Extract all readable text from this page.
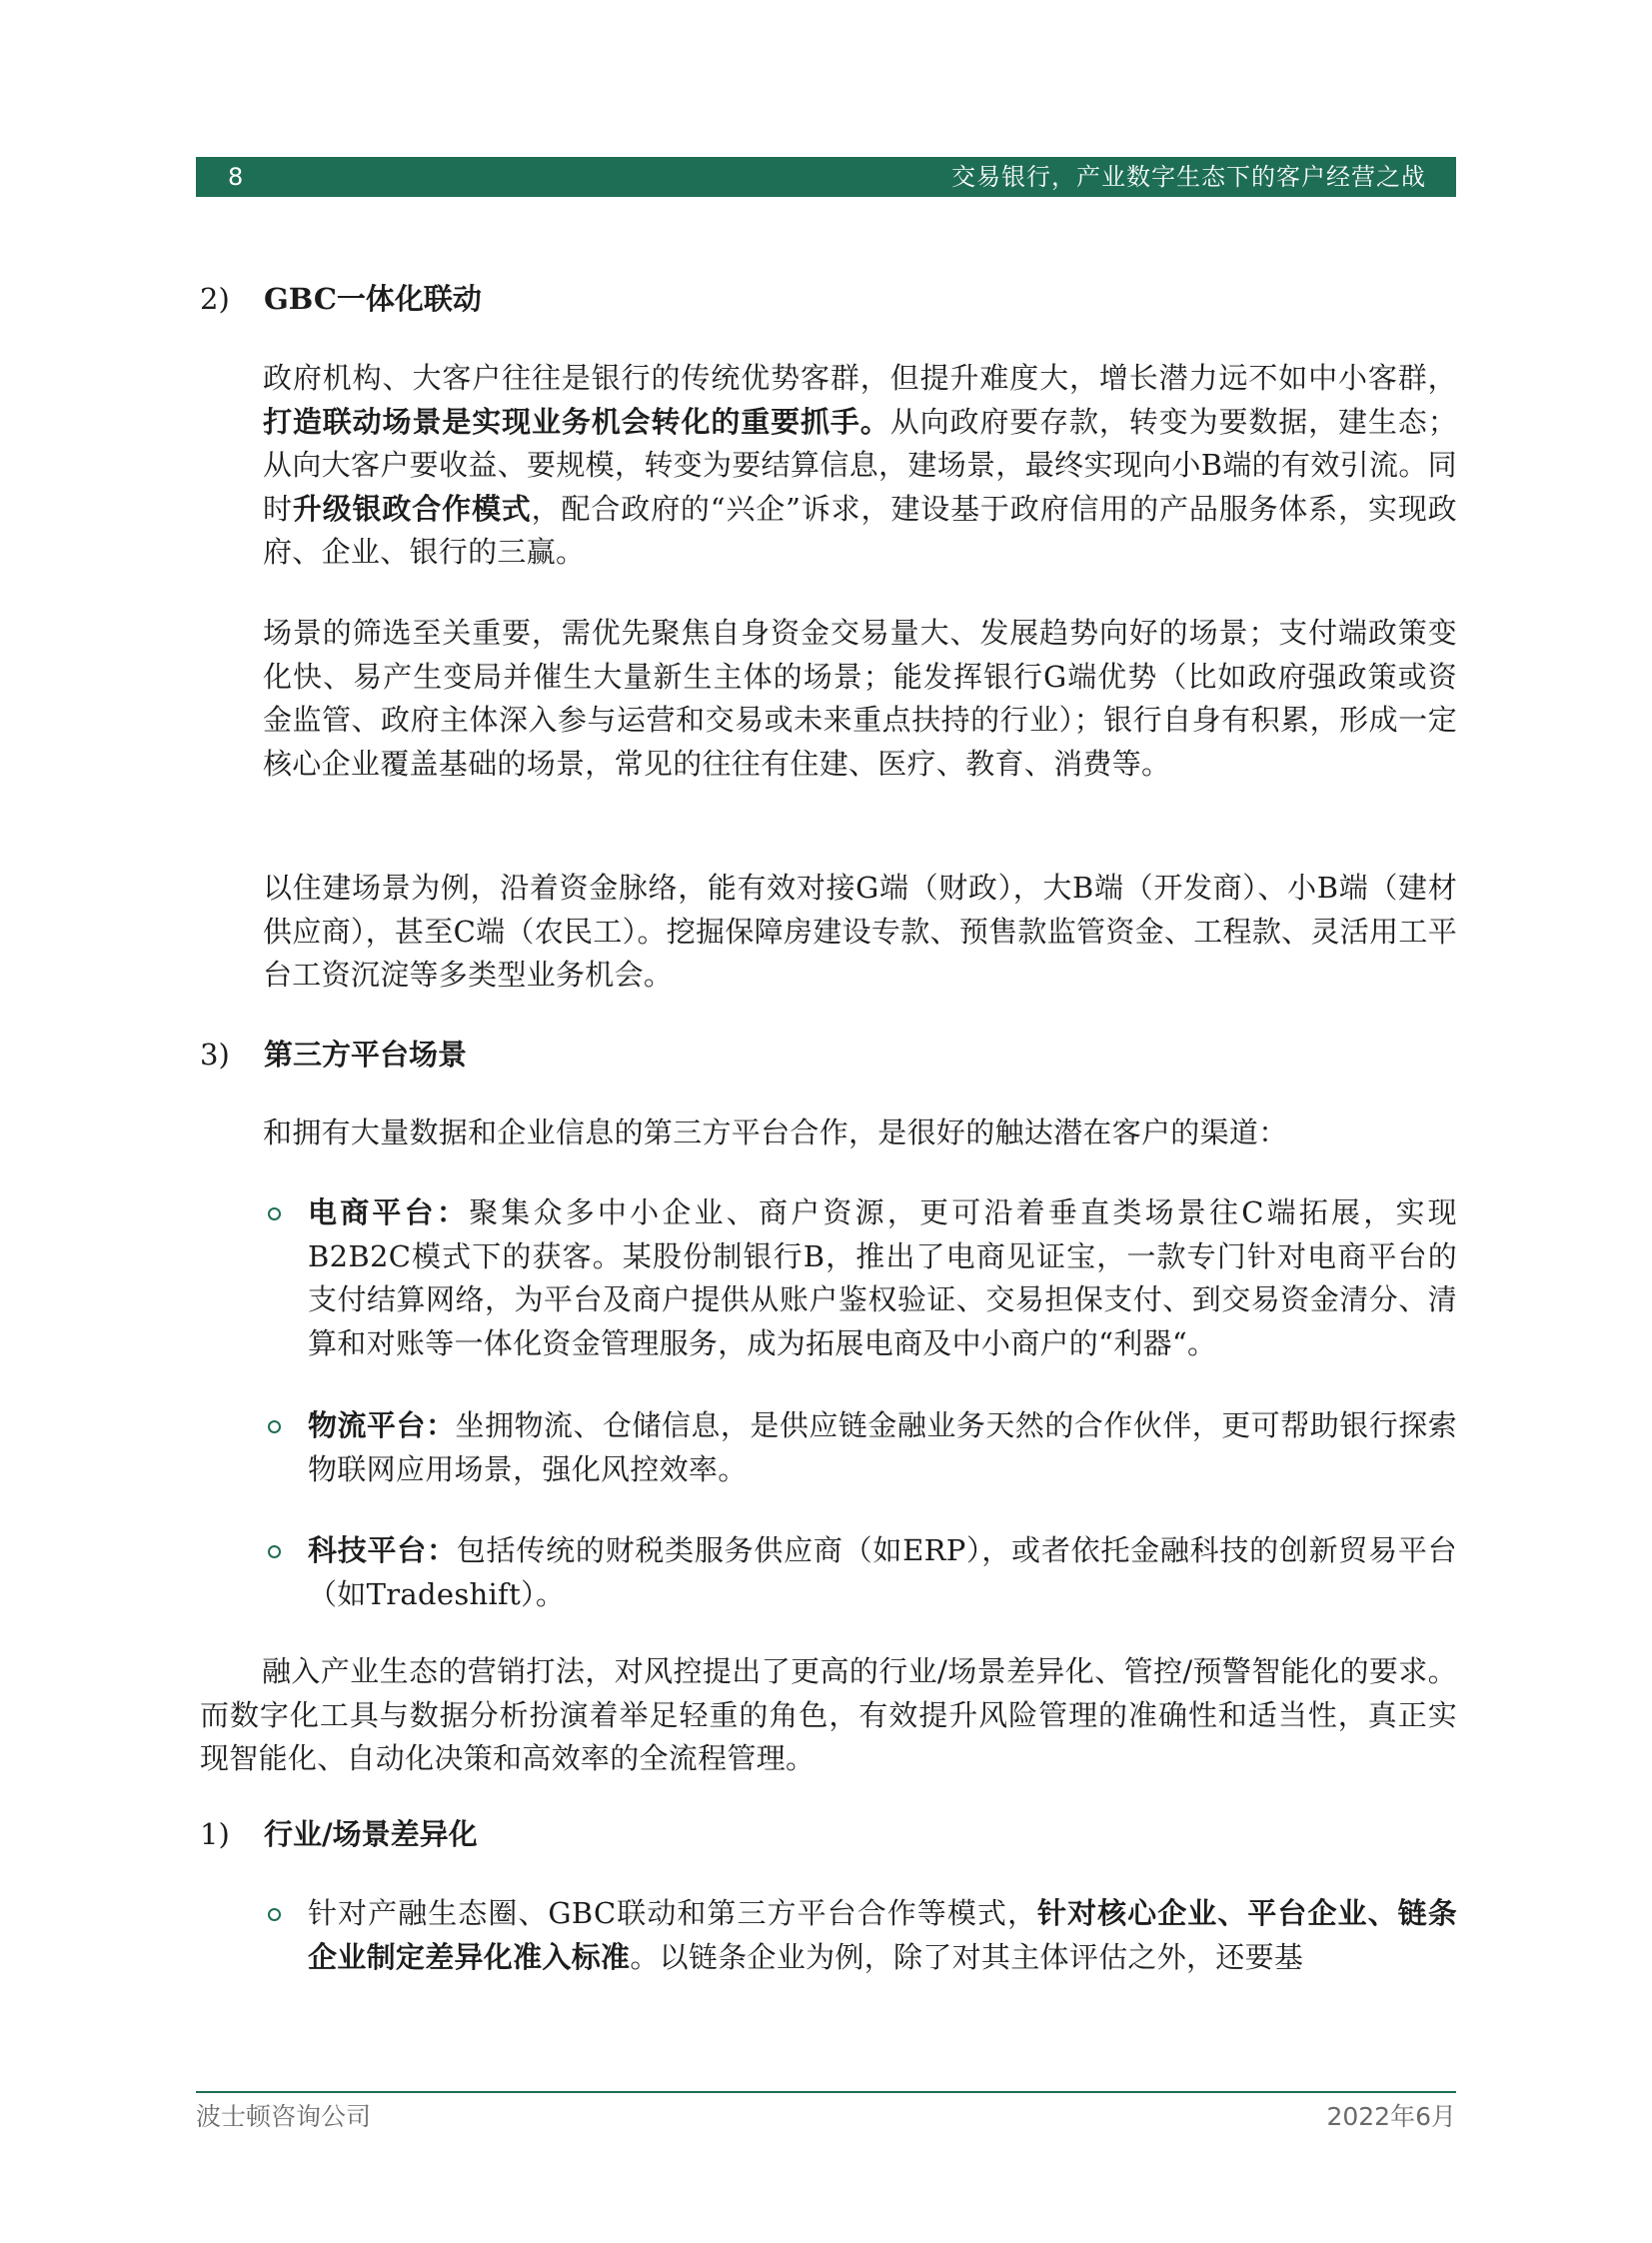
8	交易银行，产业数字生态下的客户经营之战
2) GBC一体化联动
政府机构、大客户往往是银行的传统优势客群，但提升难度大，增长潜力远不如中小客群，打造联动场景是实现业务机会转化的重要抓手。从向政府要存款，转变为要数据，建生态；从向大客户要收益、要规模，转变为要结算信息，建场景，最终实现向小B端的有效引流。同时升级银政合作模式，配合政府的“兴企”诉求，建设基于政府信用的产品服务体系，实现政府、企业、银行的三赢。
场景的筛选至关重要，需优先聚焦自身资金交易量大、发展趋势向好的场景；支付端政策变化快、易产生变局并催生大量新生主体的场景；能发挥银行G端优势（比如政府强政策或资金监管、政府主体深入参与运营和交易或未来重点扶持的行业）；银行自身有积累，形成一定核心企业覆盖基础的场景，常见的往往有住建、医疗、教育、消费等。
以住建场景为例，沿着资金脉络，能有效对接G端（财政），大B端（开发商）、小B端（建材供应商），甚至C端（农民工）。挖掘保障房建设专款、预售款监管资金、工程款、灵活用工平台工资沉淀等多类型业务机会。
3) 第三方平台场景
和拥有大量数据和企业信息的第三方平台合作，是很好的触达潜在客户的渠道：
电商平台：聚集众多中小企业、商户资源，更可沿着垂直类场景往C端拓展，实现B2B2C模式下的获客。某股份制银行B，推出了电商见证宝，一款专门针对电商平台的支付结算网络，为平台及商户提供从账户鉴权验证、交易担保支付、到交易资金清分、清算和对账等一体化资金管理服务，成为拓展电商及中小商户的“利器“。
物流平台：坐拥物流、仓储信息，是供应链金融业务天然的合作伙伴，更可帮助银行探索物联网应用场景，强化风控效率。
科技平台：包括传统的财税类服务供应商（如ERP），或者依托金融科技的创新贸易平台（如Tradeshift）。
融入产业生态的营销打法，对风控提出了更高的行业/场景差异化、管控/预警智能化的要求。而数字化工具与数据分析扮演着举足轻重的角色，有效提升风险管理的准确性和适当性，真正实现智能化、自动化决策和高效率的全流程管理。
1) 行业/场景差异化
针对产融生态圈、GBC联动和第三方平台合作等模式，针对核心企业、平台企业、链条企业制定差异化准入标准。以链条企业为例，除了对其主体评估之外，还要基
波士顿咨询公司	2022年6月
